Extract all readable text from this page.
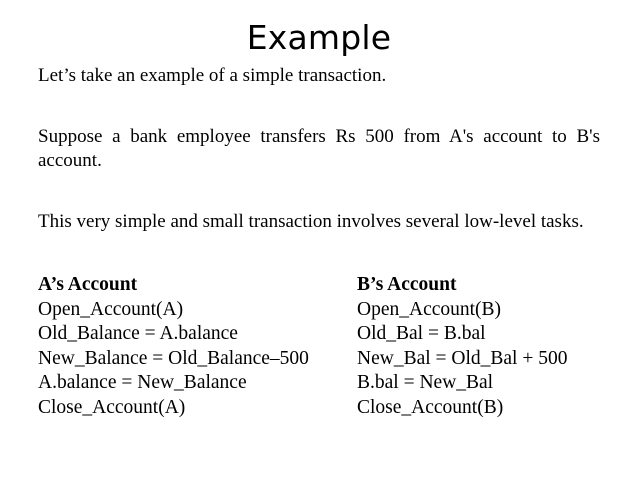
Example

Let’s take an example of a simple transaction.

Suppose a bank employee transfers Rs 500 from A's account to B's account.

This very simple and small transaction involves several low-level tasks.

A’s Account
Open_Account(A)
Old_Balance = A.balance
New_Balance = Old_Balance–500
A.balance = New_Balance
Close_Account(A)
B’s Account
Open_Account(B)
Old_Bal = B.bal
New_Bal = Old_Bal + 500
B.bal = New_Bal
Close_Account(B)
